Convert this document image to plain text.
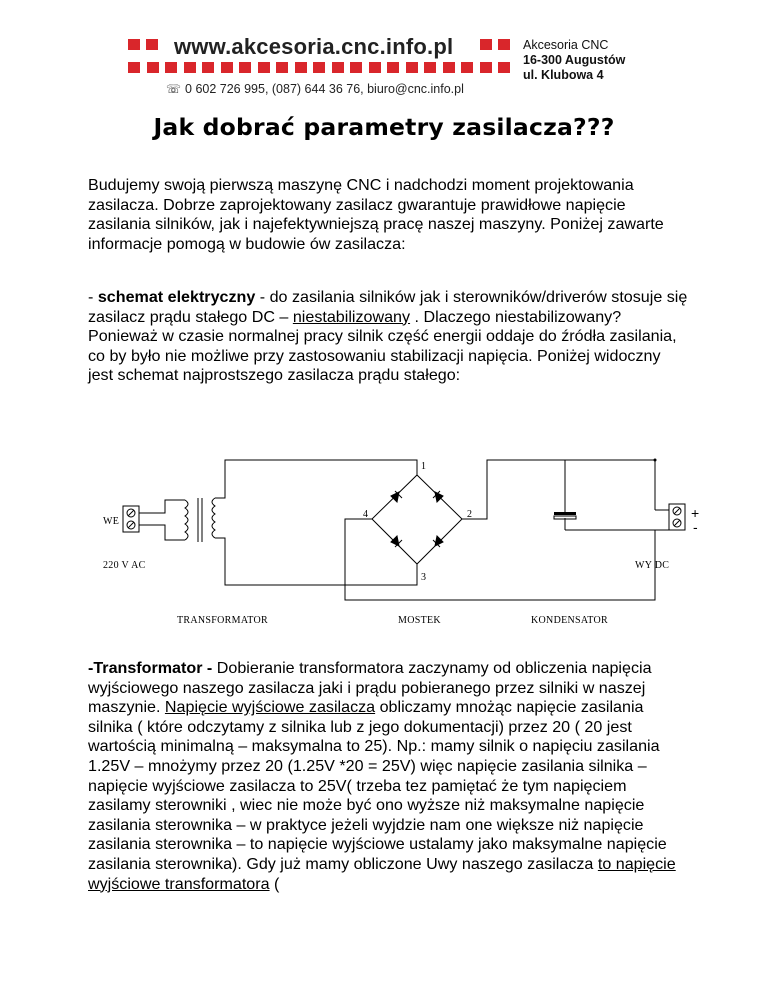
www.akcesoria.cnc.info.pl
☏ 0 602 726 995, (087) 644 36 76, biuro@cnc.info.pl
Akcesoria CNC
16-300 Augustów
ul. Klubowa 4
Jak dobrać parametry zasilacza???
Budujemy swoją pierwszą maszynę CNC i nadchodzi moment projektowania zasilacza. Dobrze zaprojektowany zasilacz gwarantuje prawidłowe napięcie zasilania silników, jak i najefektywniejszą pracę naszej maszyny. Poniżej zawarte informacje pomogą w budowie ów zasilacza:
- schemat elektryczny - do zasilania silników jak i sterowników/driverów stosuje się zasilacz prądu stałego DC – niestabilizowany . Dlaczego niestabilizowany? Ponieważ w czasie normalnej pracy silnik część energii oddaje do źródła zasilania, co by było nie możliwe przy zastosowaniu stabilizacji napięcia. Poniżej widoczny jest schemat najprostszego zasilacza prądu stałego:
WE
220 V AC	WY DC
+
-
TRANSFORMATOR	MOSTEK	KONDENSATOR
1
2
3
4
-Transformator - Dobieranie transformatora zaczynamy od obliczenia napięcia wyjściowego naszego zasilacza jaki i prądu pobieranego przez silniki w naszej maszynie. Napięcie wyjściowe zasilacza obliczamy mnożąc napięcie zasilania silnika ( które odczytamy z silnika lub z jego dokumentacji) przez 20 ( 20 jest wartością minimalną – maksymalna to 25). Np.: mamy silnik o napięciu zasilania 1.25V – mnożymy przez 20 (1.25V *20 = 25V) więc napięcie zasilania silnika – napięcie wyjściowe zasilacza to 25V( trzeba tez pamiętać że tym napięciem zasilamy sterowniki , wiec nie może być ono wyższe niż maksymalne napięcie zasilania sterownika – w praktyce jeżeli wyjdzie nam one większe niż napięcie zasilania sterownika – to napięcie wyjściowe ustalamy jako maksymalne napięcie zasilania sterownika). Gdy już mamy obliczone Uwy naszego zasilacza to napięcie wyjściowe transformatora (
